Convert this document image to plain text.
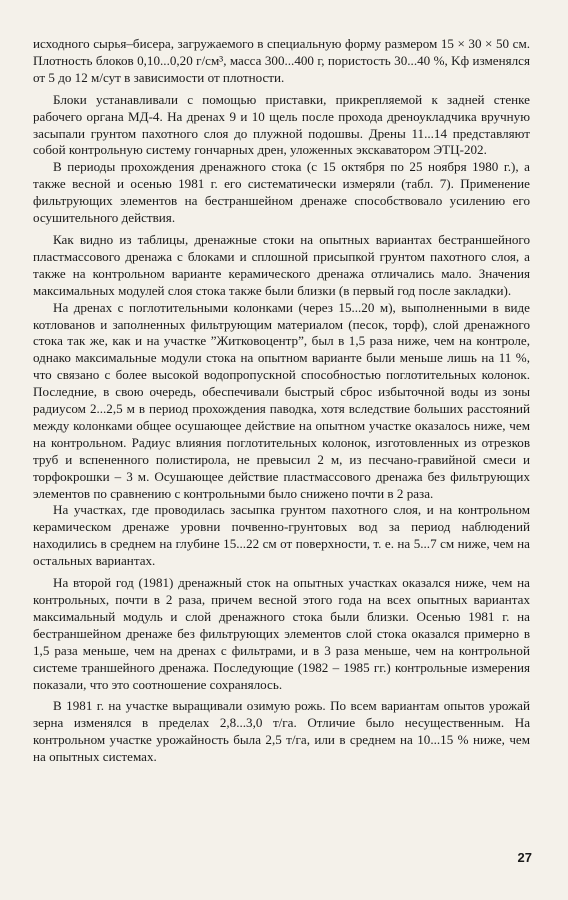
исходного сырья–бисера, загружаемого в специальную форму размером 15 × 30 × 50 см. Плотность блоков 0,10...0,20 г/см³, масса 300...400 г, пористость 30...40 %, Kф изменялся от 5 до 12 м/сут в зависимости от плотности.

Блоки устанавливали с помощью приставки, прикрепляемой к задней стенке рабочего органа МД-4. На дренах 9 и 10 щель после прохода дреноукладчика вручную засыпали грунтом пахотного слоя до плужной подошвы. Дрены 11...14 представляют собой контрольную систему гончарных дрен, уложенных экскаватором ЭТЦ-202.

В периоды прохождения дренажного стока (с 15 октября по 25 ноября 1980 г.), а также весной и осенью 1981 г. его систематически измеряли (табл. 7). Применение фильтрующих элементов на бестраншейном дренаже способствовало усилению его осушительного действия.

Как видно из таблицы, дренажные стоки на опытных вариантах бестраншейного пластмассового дренажа с блоками и сплошной присыпкой грунтом пахотного слоя, а также на контрольном варианте керамического дренажа отличались мало. Значения максимальных модулей слоя стока также были близки (в первый год после закладки).

На дренах с поглотительными колонками (через 15...20 м), выполненными в виде котлованов и заполненных фильтрующим материалом (песок, торф), слой дренажного стока так же, как и на участке ”Житковоцентр”, был в 1,5 раза ниже, чем на контроле, однако максимальные модули стока на опытном варианте были меньше лишь на 11 %, что связано с более высокой водопропускной способностью поглотительных колонок. Последние, в свою очередь, обеспечивали быстрый сброс избыточной воды из зоны радиусом 2...2,5 м в период прохождения паводка, хотя вследствие больших расстояний между колонками общее осушающее действие на опытном участке оказалось ниже, чем на контрольном. Радиус влияния поглотительных колонок, изготовленных из отрезков труб и вспененного полистирола, не превысил 2 м, из песчано-гравийной смеси и торфокрошки – 3 м. Осушающее действие пластмассового дренажа без фильтрующих элементов по сравнению с контрольными было снижено почти в 2 раза.

На участках, где проводилась засыпка грунтом пахотного слоя, и на контрольном керамическом дренаже уровни почвенно-грунтовых вод за период наблюдений находились в среднем на глубине 15...22 см от поверхности, т. е. на 5...7 см ниже, чем на остальных вариантах.

На второй год (1981) дренажный сток на опытных участках оказался ниже, чем на контрольных, почти в 2 раза, причем весной этого года на всех опытных вариантах максимальный модуль и слой дренажного стока были близки. Осенью 1981 г. на бестраншейном дренаже без фильтрующих элементов слой стока оказался примерно в 1,5 раза меньше, чем на дренах с фильтрами, и в 3 раза меньше, чем на контрольной системе траншейного дренажа. Последующие (1982 – 1985 гг.) контрольные измерения показали, что это соотношение сохранялось.

В 1981 г. на участке выращивали озимую рожь. По всем вариантам опытов урожай зерна изменялся в пределах 2,8...3,0 т/га. Отличие было несущественным. На контрольном участке урожайность была 2,5 т/га, или в среднем на 10...15 % ниже, чем на опытных системах.

27
